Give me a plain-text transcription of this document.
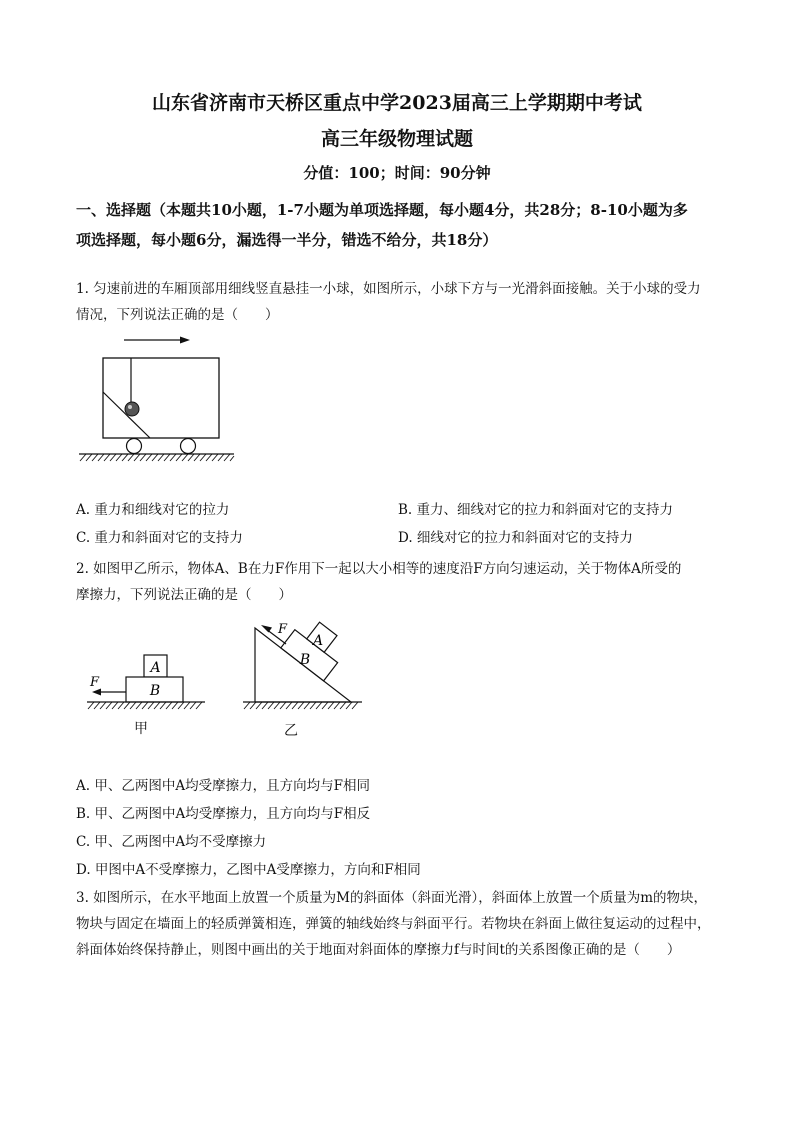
山东省济南市天桥区重点中学2023届高三上学期期中考试
高三年级物理试题
分值：100；时间：90分钟
一、选择题（本题共10小题，1-7小题为单项选择题，每小题4分，共28分；8-10小题为多
项选择题，每小题6分，漏选得一半分，错选不给分，共18分）
1. 匀速前进的车厢顶部用细线竖直悬挂一小球，如图所示，小球下方与一光滑斜面接触。关于小球的受力
情况，下列说法正确的是（　　）
A. 重力和细线对它的拉力	B. 重力、细线对它的拉力和斜面对它的支持力
C. 重力和斜面对它的支持力	D. 细线对它的拉力和斜面对它的支持力
2. 如图甲乙所示，物体A、B在力F作用下一起以大小相等的速度沿F方向匀速运动，关于物体A所受的
摩擦力，下列说法正确的是（　　）
A
B
F
甲
B
A
F
乙
A. 甲、乙两图中A均受摩擦力，且方向均与F相同
B. 甲、乙两图中A均受摩擦力，且方向均与F相反
C. 甲、乙两图中A均不受摩擦力
D. 甲图中A不受摩擦力，乙图中A受摩擦力，方向和F相同
3. 如图所示，在水平地面上放置一个质量为M的斜面体（斜面光滑），斜面体上放置一个质量为m的物块，
物块与固定在墙面上的轻质弹簧相连，弹簧的轴线始终与斜面平行。若物块在斜面上做往复运动的过程中，
斜面体始终保持静止，则图中画出的关于地面对斜面体的摩擦力f与时间t的关系图像正确的是（　　）
